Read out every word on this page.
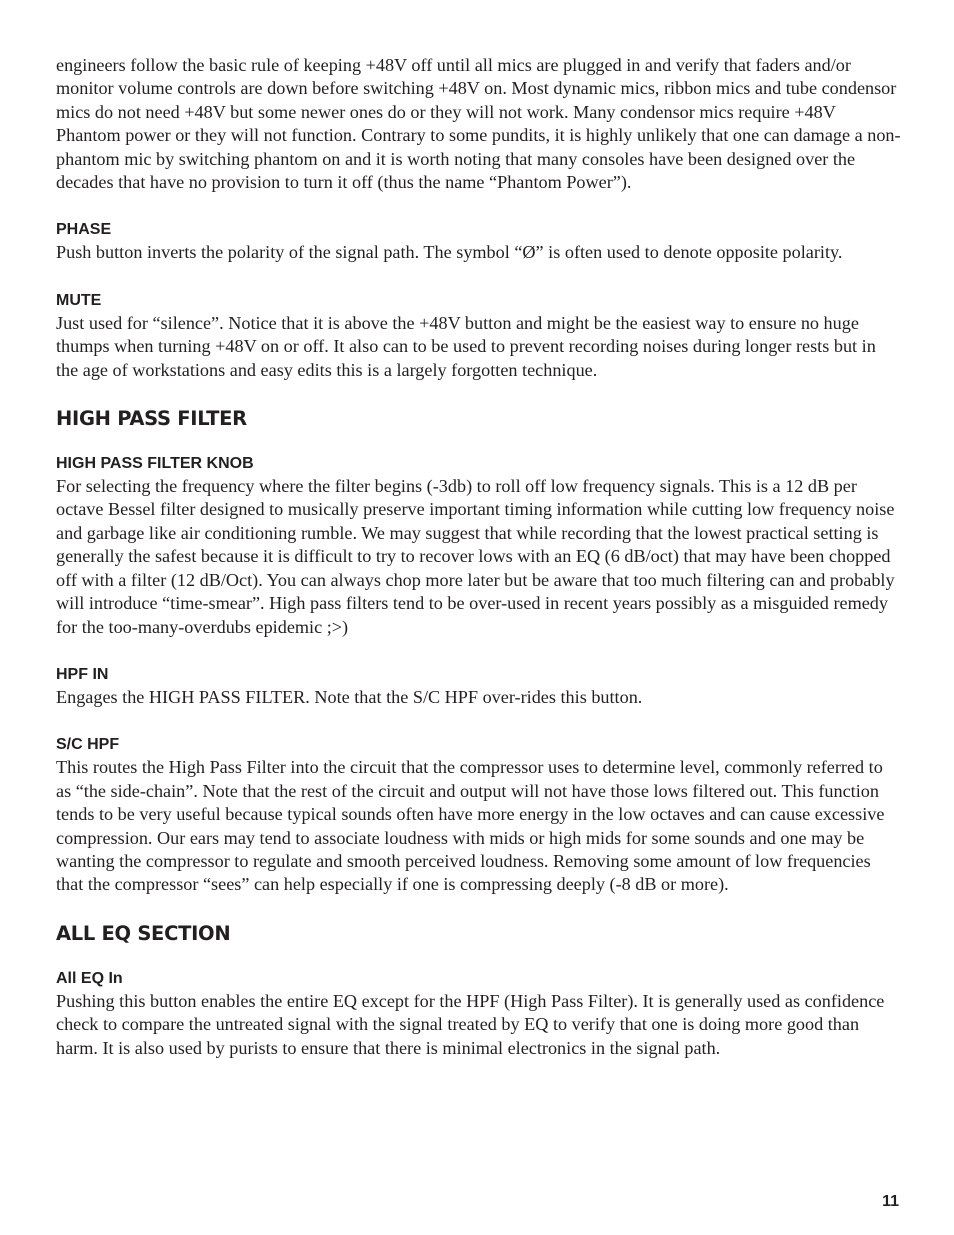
engineers follow the basic rule of keeping +48V off until all mics are plugged in and verify that faders and/or monitor volume controls are down before switching +48V on. Most dynamic mics, ribbon mics and tube condensor mics do not need +48V but some newer ones do or they will not work. Many condensor mics require +48V Phantom power or they will not function. Contrary to some pundits, it is highly unlikely that one can damage a non-phantom mic by switching phantom on and it is worth noting that many consoles have been designed over the decades that have no provision to turn it off (thus the name “Phantom Power”).

PHASE

Push button inverts the polarity of the signal path. The symbol “Ø” is often used to denote opposite polarity.

MUTE

Just used for “silence”. Notice that it is above the +48V button and might be the easiest way to ensure no huge thumps when turning +48V on or off. It also can to be used to prevent recording noises during longer rests but in the age of workstations and easy edits this is a largely forgotten technique.

HIGH PASS FILTER
HIGH PASS FILTER KNOB

For selecting the frequency where the filter begins (-3db) to roll off low frequency signals. This is a 12 dB per octave Bessel filter designed to musically preserve important timing information while cutting low frequency noise and garbage like air conditioning rumble. We may suggest that while recording that the lowest practical setting is generally the safest because it is difficult to try to recover lows with an EQ (6 dB/oct) that may have been chopped off with a filter (12 dB/Oct). You can always chop more later but be aware that too much filtering can and probably will introduce “time-smear”. High pass filters tend to be over-used in recent years possibly as a misguided remedy for the too-many-overdubs epidemic ;>)

HPF IN

Engages the HIGH PASS FILTER. Note that the S/C HPF over-rides this button.

S/C HPF

This routes the High Pass Filter into the circuit that the compressor uses to determine level, commonly referred to as “the side-chain”. Note that the rest of the circuit and output will not have those lows filtered out. This function tends to be very useful because typical sounds often have more energy in the low octaves and can cause excessive compression. Our ears may tend to associate loudness with mids or high mids for some sounds and one may be wanting the compressor to regulate and smooth perceived loudness. Removing some amount of low frequencies that the compressor “sees” can help especially if one is compressing deeply (-8 dB or more).

ALL EQ SECTION
All EQ In

Pushing this button enables the entire EQ except for the HPF (High Pass Filter). It is generally used as confidence check to compare the untreated signal with the signal treated by EQ to verify that one is doing more good than harm. It is also used by purists to ensure that there is minimal electronics in the signal path.

11
